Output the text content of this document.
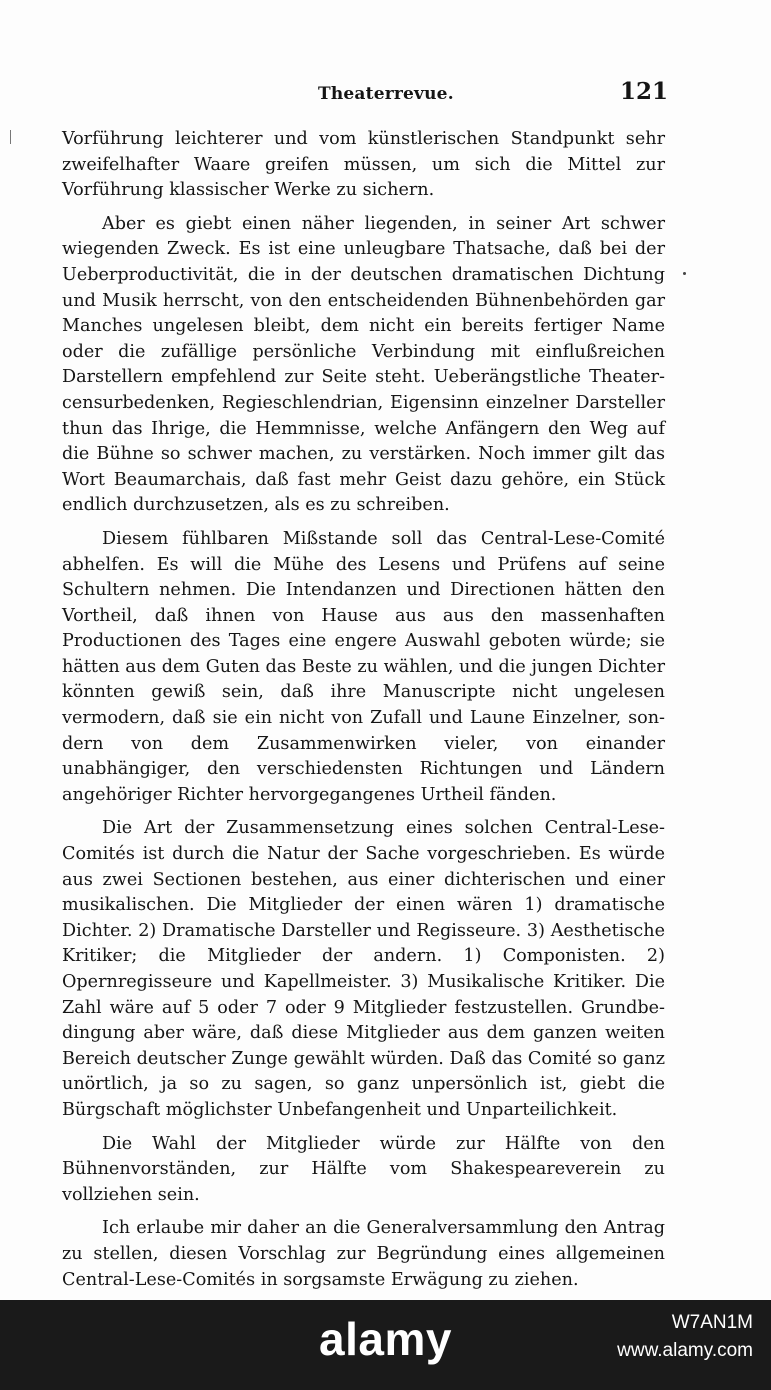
Theaterrevue.	121

Vorführung leichterer und vom künstlerischen Standpunkt sehr zweifelhafter Waare greifen müssen, um sich die Mittel zur Vorführung klassischer Werke zu sichern.

Aber es giebt einen näher liegenden, in seiner Art schwer wiegenden Zweck. Es ist eine unleugbare Thatsache, daß bei der Ueberproductivität, die in der deutschen dramatischen Dichtung und Musik herrscht, von den entscheidenden Bühnenbehörden gar Manches ungelesen bleibt, dem nicht ein bereits fertiger Name oder die zufällige persönliche Verbindung mit einflußreichen Darstellern empfehlend zur Seite steht. Ueberängstliche Theatercensurbedenken, Regieschlendrian, Eigensinn einzelner Darsteller thun das Ihrige, die Hemmnisse, welche Anfängern den Weg auf die Bühne so schwer machen, zu verstärken. Noch immer gilt das Wort Beaumarchais, daß fast mehr Geist dazu gehöre, ein Stück endlich durchzusetzen, als es zu schreiben.

Diesem fühlbaren Mißstande soll das Central-Lese-Comité abhelfen. Es will die Mühe des Lesens und Prüfens auf seine Schultern nehmen. Die Intendanzen und Directionen hätten den Vortheil, daß ihnen von Hause aus aus den massenhaften Productionen des Tages eine engere Auswahl geboten würde; sie hätten aus dem Guten das Beste zu wählen, und die jungen Dichter könnten gewiß sein, daß ihre Manuscripte nicht ungelesen vermodern, daß sie ein nicht von Zufall und Laune Einzelner, sondern von dem Zusammenwirken vieler, von einander unabhängiger, den verschiedensten Richtungen und Ländern angehöriger Richter hervorgegangenes Urtheil fänden.

Die Art der Zusammensetzung eines solchen Central-Lese-Comités ist durch die Natur der Sache vorgeschrieben. Es würde aus zwei Sectionen bestehen, aus einer dichterischen und einer musikalischen. Die Mitglieder der einen wären 1) dramatische Dichter. 2) Dramatische Darsteller und Regisseure. 3) Aesthetische Kritiker; die Mitglieder der andern. 1) Componisten. 2) Opernregisseure und Kapellmeister. 3) Musikalische Kritiker. Die Zahl wäre auf 5 oder 7 oder 9 Mitglieder festzustellen. Grundbedingung aber wäre, daß diese Mitglieder aus dem ganzen weiten Bereich deutscher Zunge gewählt würden. Daß das Comité so ganz unörtlich, ja so zu sagen, so ganz unpersönlich ist, giebt die Bürgschaft möglichster Unbefangenheit und Unparteilichkeit.

Die Wahl der Mitglieder würde zur Hälfte von den Bühnenvorständen, zur Hälfte vom Shakespeareverein zu vollziehen sein.

Ich erlaube mir daher an die Generalversammlung den Antrag zu stellen, diesen Vorschlag zur Begründung eines allgemeinen Central-Lese-Comités in sorgsamste Erwägung zu ziehen.

alamy	W7AN1M
www.alamy.com
